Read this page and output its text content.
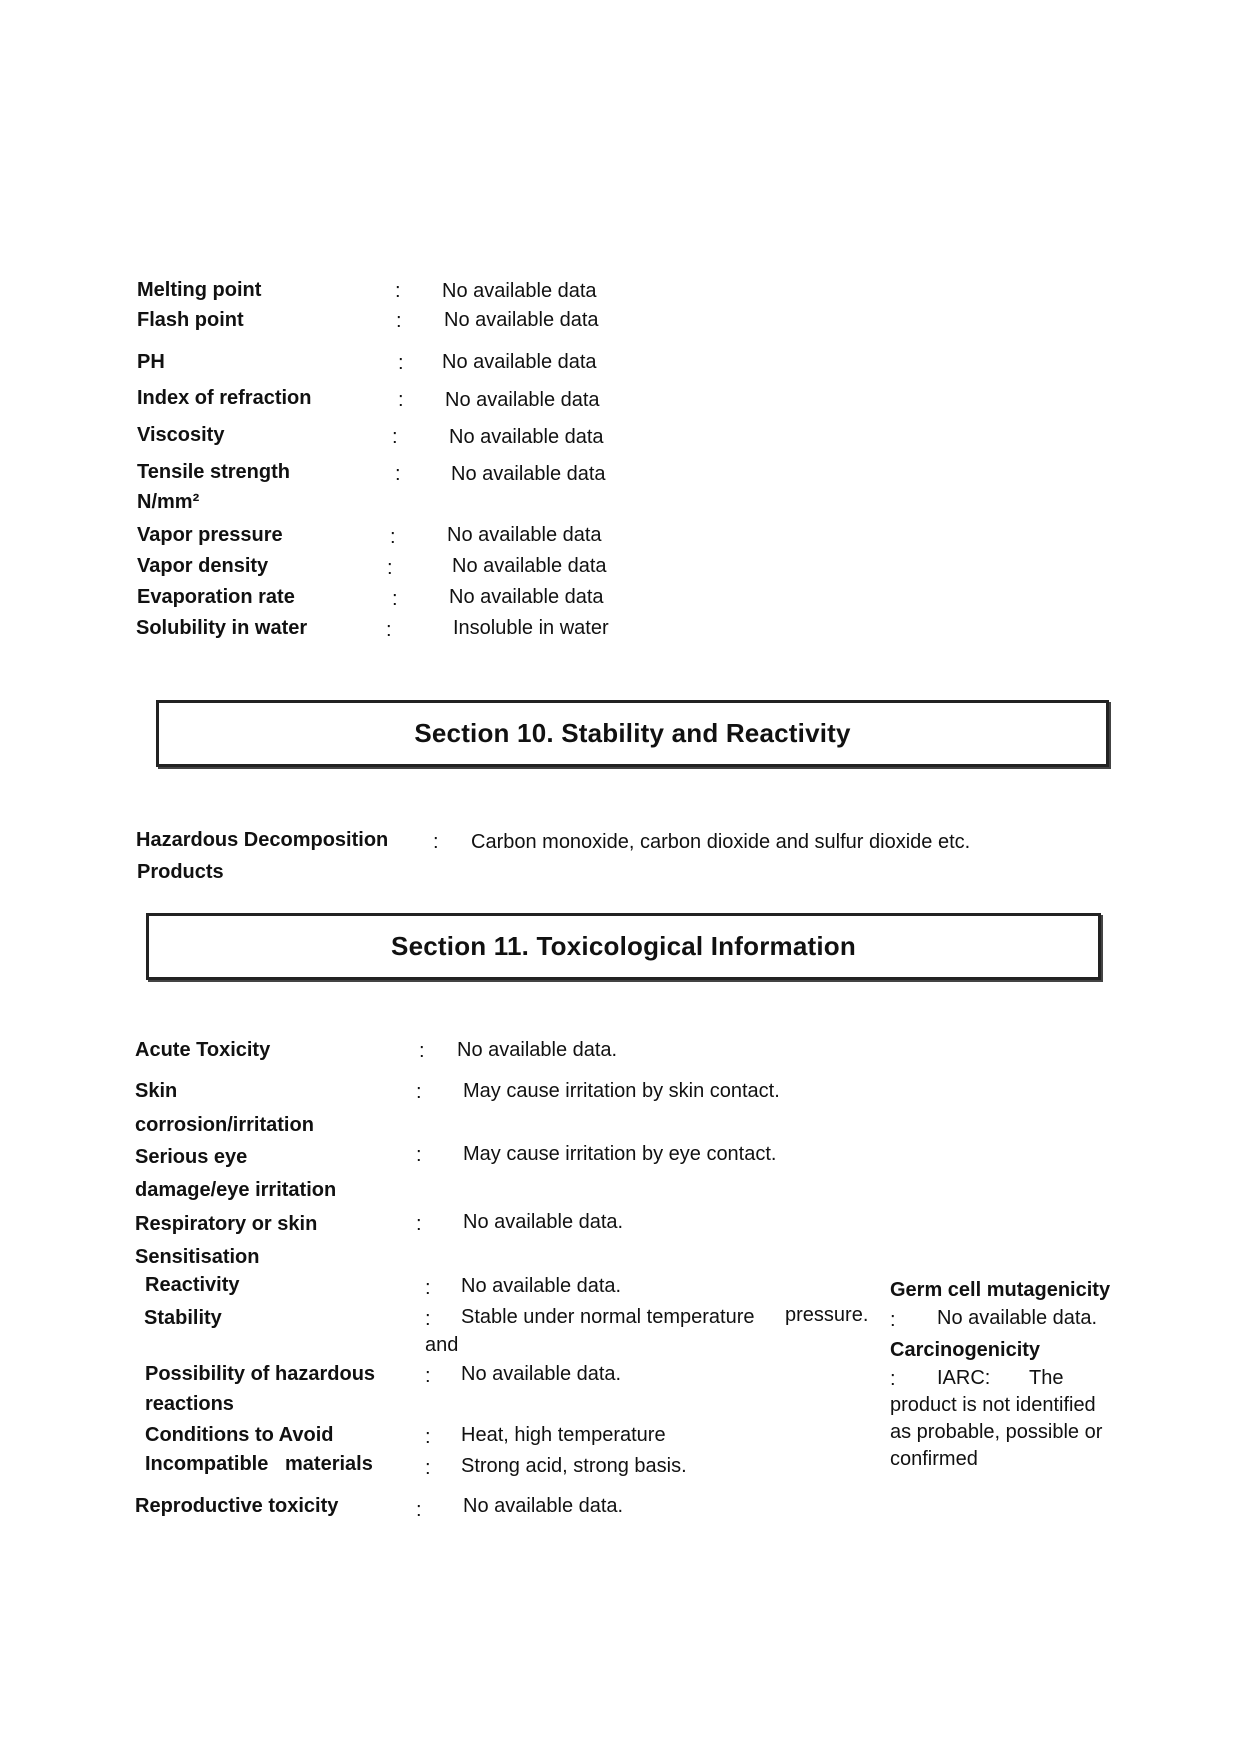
Melting point	: No available data
Flash point	: No available data
PH	: No available data
Index of refraction	: No available data
Viscosity	:	No available data
Tensile strength
N/mm²
:	No available data
Vapor pressure	:	No available data
Vapor density	:	No available data
Evaporation rate	:	No available data
Solubility in water	:	Insoluble in water
Section 10. Stability and Reactivity
Hazardous Decomposition
Products
: Carbon monoxide, carbon dioxide and sulfur dioxide etc.
Section 11. Toxicological Information
Acute Toxicity	: No available data.
Skin
corrosion/irritation
: May cause irritation by skin contact.
Serious eye
damage/eye irritation
: May cause irritation by eye contact.
Respiratory or skin
Sensitisation
: No available data.
Reactivity	: No available data.
Stability	: Stable under normal temperature pressure.
and
Possibility of hazardous
reactions
: No available data.
Conditions to Avoid	: Heat, high temperature
Incompatible   materials	: Strong acid, strong basis.
Reproductive toxicity	: No available data.
Germ cell mutagenicity
: No available data.
Carcinogenicity
: IARC: The
product is not identified
as probable, possible or
confirmed
